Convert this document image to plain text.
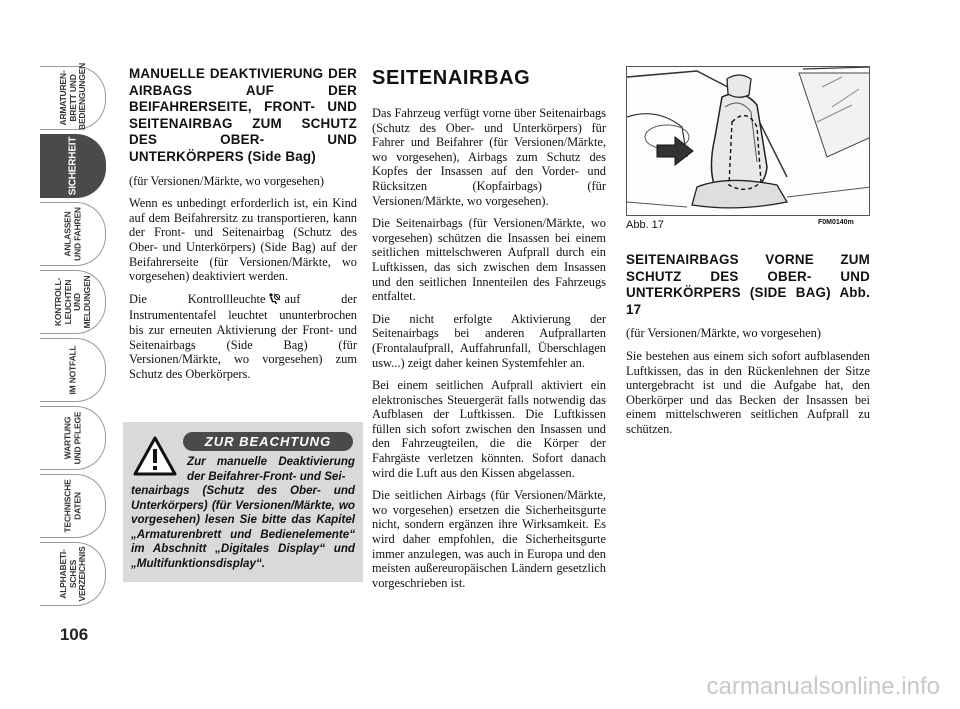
ARMATUREN-
BRETT UND
BEDIENGUNGEN
SICHERHEIT
ANLASSEN
UND FAHREN
KONTROLL-
LEUCHTEN UND
MELDUNGEN
IM NOTFALL
WARTUNG
UND PFLEGE
TECHNISCHE
DATEN
ALPHABETI-
SCHES
VERZEICHNIS
106

MANUELLE DEAKTIVIERUNG DER AIRBAGS AUF DER BEIFAHRERSEITE, FRONT- UND SEITENAIRBAG ZUM SCHUTZ DES OBER- UND UNTERKÖRPERS (Side Bag)

(für Versionen/Märkte, wo vorgesehen)

Wenn es unbedingt erforderlich ist, ein Kind auf dem Beifahrersitz zu transportieren, kann der Front- und Seitenairbag (Schutz des Ober- und Unterkörpers) (Side Bag) auf der Beifahrerseite (für Versionen/Märkte, wo vorgesehen) deaktiviert werden.

Die Kontrollleuchte auf der Instrumententafel leuchtet ununterbrochen bis zur erneuten Aktivierung der Front- und Seitenairbags (Side Bag) (für Versionen/Märkte, wo vorgesehen) zum Schutz des Oberkörpers.

ZUR BEACHTUNG
Zur manuelle Deaktivierung der Beifahrer-Front- und Sei-
tenairbags (Schutz des Ober- und Unterkörpers) (für Versionen/Märkte, wo vorgesehen) lesen Sie bitte das Kapitel „Armaturenbrett und Bedienelemente“ im Abschnitt „Digitales Display“ und „Multifunktionsdisplay“.
SEITENAIRBAG

Das Fahrzeug verfügt vorne über Seitenairbags (Schutz des Ober- und Unterkörpers) für Fahrer und Beifahrer (für Versionen/Märkte, wo vorgesehen), Airbags zum Schutz des Kopfes der Insassen auf den Vorder- und Rücksitzen (Kopfairbags) (für Versionen/Märkte, wo vorgesehen).

Die Seitenairbags (für Versionen/Märkte, wo vorgesehen) schützen die Insassen bei einem seitlichen mittelschweren Aufprall durch ein Luftkissen, das sich zwischen dem Insassen und den seitlichen Innenteilen des Fahrzeugs entfaltet.

Die nicht erfolgte Aktivierung der Seitenairbags bei anderen Aufprallarten (Frontalaufprall, Auffahrunfall, Überschlagen usw...) zeigt daher keinen Systemfehler an.

Bei einem seitlichen Aufprall aktiviert ein elektronisches Steuergerät falls notwendig das Aufblasen der Luftkissen. Die Luftkissen füllen sich sofort zwischen den Insassen und den Fahrzeugteilen, die die Körper der Fahrgäste verletzen könnten. Sofort danach wird die Luft aus den Kissen abgelassen.

Die seitlichen Airbags (für Versionen/Märkte, wo vorgesehen) ersetzen die Sicherheitsgurte nicht, sondern ergänzen ihre Wirksamkeit. Es wird daher empfohlen, die Sicherheitsgurte immer anzulegen, was auch in Europa und den meisten außereuropäischen Ländern gesetzlich vorgeschrieben ist.

Abb. 17	F0M0140m

SEITENAIRBAGS VORNE ZUM SCHUTZ DES OBER- UND UNTERKÖRPERS (SIDE BAG) Abb. 17

(für Versionen/Märkte, wo vorgesehen)

Sie bestehen aus einem sich sofort aufblasenden Luftkissen, das in den Rückenlehnen der Sitze untergebracht ist und die Aufgabe hat, den Oberkörper und das Becken der Insassen bei einem mittelschweren seitlichen Aufprall zu schützen.

carmanualsonline.info
